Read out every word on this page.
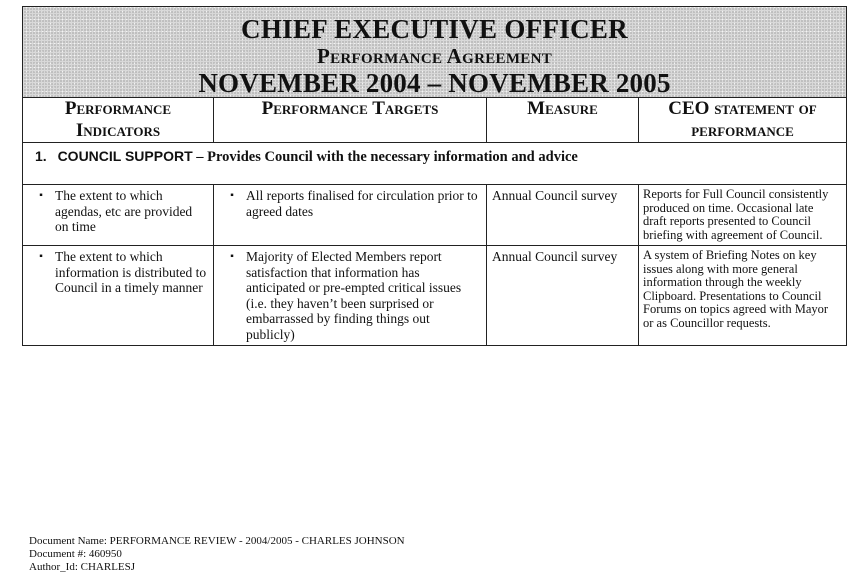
CHIEF EXECUTIVE OFFICER
Performance Agreement
NOVEMBER 2004 – NOVEMBER 2005			

Performance Indicators	Performance Targets	Measure	CEO statement of performance

1. COUNCIL SUPPORT – Provides Council with the necessary information and advice			

▪ The extent to which agendas, etc are provided on time	▪ All reports finalised for circulation prior to agreed dates	Annual Council survey	Reports for Full Council consistently produced on time. Occasional late draft reports presented to Council briefing with agreement of Council.

▪ The extent to which information is distributed to Council in a timely manner	▪ Majority of Elected Members report satisfaction that information has anticipated or pre-empted critical issues (i.e. they haven’t been surprised or embarrassed by finding things out publicly)	Annual Council survey	A system of Briefing Notes on key issues along with more general information through the weekly Clipboard. Presentations to Council Forums on topics agreed with Mayor or as Councillor requests.
Document Name: PERFORMANCE REVIEW - 2004/2005 - CHARLES JOHNSON
Document #: 460950
Author_Id: CHARLESJ
